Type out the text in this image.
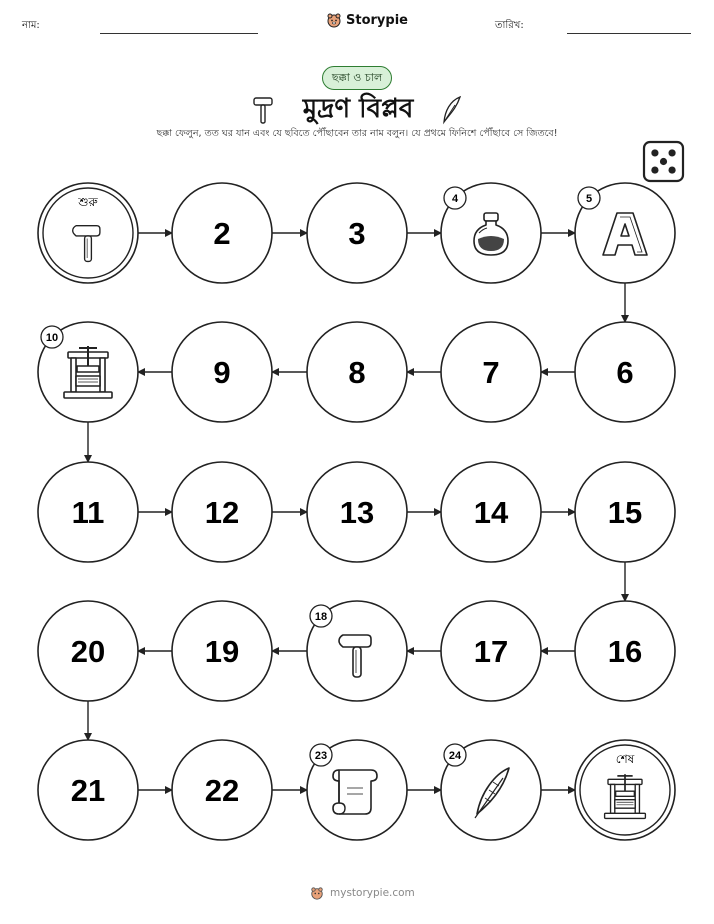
নাম:	Storypie	তারিখ:
ছক্কা ও চাল
মুদ্রণ বিপ্লব
ছক্কা ফেলুন, তত ঘর যান এবং যে ছবিতে পৌঁছাবেন তার নাম বলুন। যে প্রথমে ফিনিশে পৌঁছাবে সে জিতবে!
শুরু
2	3
4	5
6
7
8
9
10
11	12	13	14	15
16
17
18
19
20
21	22
23	24	শেষ
mystorypie.com
